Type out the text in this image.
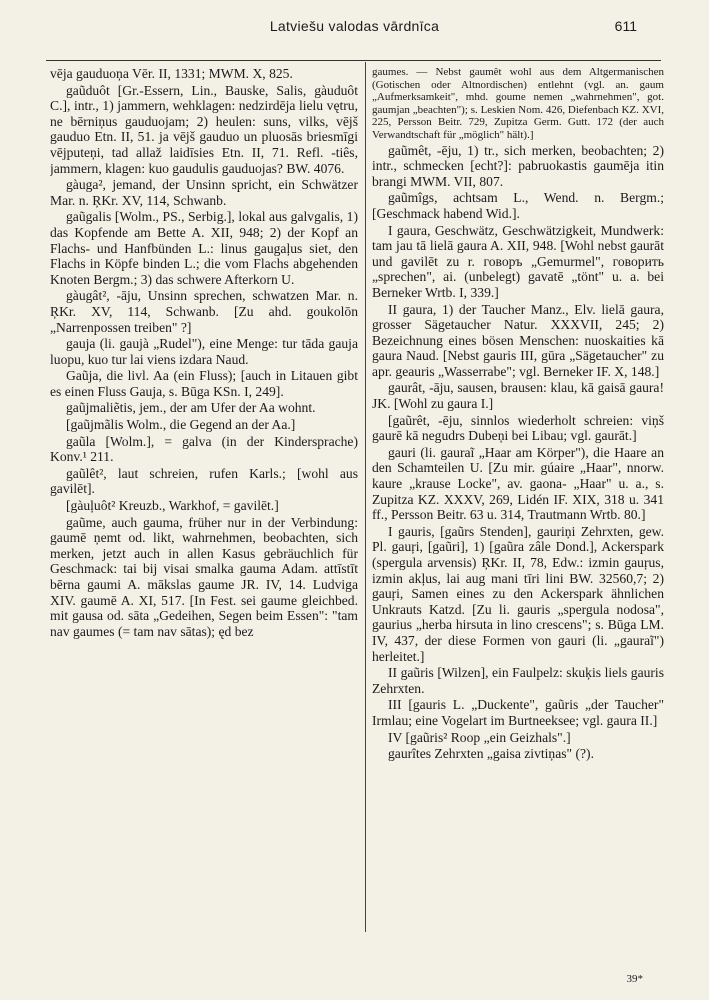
Latviešu valodas vārdnīca	611

vēja gauduoņa Vēr. II, 1331; MWM. X, 825.

gaũduôt [Gr.-Essern, Lin., Bauske, Salis, gàuduôt C.], intr., 1) jammern, wehklagen: nedzirdēja lielu vętru, ne bērniņus gauduojam; 2) heulen: suns, vilks, vējš gauduo Etn. II, 51. ja vējš gauduo un pluosās briesmīgi vējputeņi, tad allaž laidīsies Etn. II, 71. Refl. -tiês, jammern, klagen: kuo gaudulis gauduojas? BW. 4076.

gàuga², jemand, der Unsinn spricht, ein Schwätzer Mar. n. ŖKr. XV, 114, Schwanb.

gaũgalis [Wolm., PS., Serbig.], lokal aus galvgalis, 1) das Kopfende am Bette A. XII, 948; 2) der Kopf an Flachs- und Hanfbünden L.: linus gaugaļus siet, den Flachs in Köpfe binden L.; die vom Flachs abgehenden Knoten Bergm.; 3) das schwere Afterkorn U.

gàugât², -āju, Unsinn sprechen, schwatzen Mar. n. ŖKr. XV, 114, Schwanb. [Zu ahd. goukolōn „Narrenpossen treiben" ?]

gauja (li. gaujà „Rudel"), eine Menge: tur tāda gauja luopu, kuo tur lai viens izdara Naud.

Gaũja, die livl. Aa (ein Fluss); [auch in Litauen gibt es einen Fluss Gauja, s. Būga KSn. I, 249].

gaũjmaliẽtis, jem., der am Ufer der Aa wohnt.

[gaũjmãlis Wolm., die Gegend an der Aa.]

gaũla [Wolm.], = galva (in der Kindersprache) Konv.¹ 211.

gaũlêt², laut schreien, rufen Karls.; [wohl aus gavilēt].

[gàuļuôt² Kreuzb., Warkhof, = gavilēt.]

gaũme, auch gauma, früher nur in der Verbindung: gaumē ņemt od. likt, wahrnehmen, beobachten, sich merken, jetzt auch in allen Kasus gebräuchlich für Geschmack: tai bij visai smalka gauma Adam. attīstīt bērna gaumi A. mākslas gaume JR. IV, 14. Ludviga XIV. gaumē A. XI, 517. [In Fest. sei gaume gleichbed. mit gausa od. sāta „Gedeihen, Segen beim Essen": "tam nav gaumes (= tam nav sātas); ęd bez

gaumes. — Nebst gaumêt wohl aus dem Altgermanischen (Gotischen oder Altnordischen) entlehnt (vgl. an. gaum „Aufmerksamkeit", mhd. goume nemen „wahrnehmen", got. gaumjan „beachten"); s. Leskien Nom. 426, Diefenbach KZ. XVI, 225, Persson Beitr. 729, Zupitza Germ. Gutt. 172 (der auch Verwandtschaft für „möglich" hält).]

gaũmêt, -ēju, 1) tr., sich merken, beobachten; 2) intr., schmecken [echt?]: pabruokastis gaumēja itin brangi MWM. VII, 807.

gaũmîgs, achtsam L., Wend. n. Bergm.; [Geschmack habend Wid.].

I gaura, Geschwätz, Geschwätzigkeit, Mundwerk: tam jau tā lielā gaura A. XII, 948. [Wohl nebst gaurāt und gavilēt zu r. говоръ „Gemurmel", говорить „sprechen", ai. (unbelegt) gavatē „tönt" u. a. bei Berneker Wrtb. I, 339.]

II gaura, 1) der Taucher Manz., Elv. lielā gaura, grosser Sägetaucher Natur. XXXVII, 245; 2) Bezeichnung eines bösen Menschen: nuoskaities kā gaura Naud. [Nebst gauris III, gūra „Sägetaucher" zu apr. geauris „Wasserrabe"; vgl. Berneker IF. X, 148.]

gaurât, -āju, sausen, brausen: klau, kā gaisā gaura! JK. [Wohl zu gaura I.]

[gaũrêt, -ēju, sinnlos wiederholt schreien: viņš gaurē kā negudrs Dubeņi bei Libau; vgl. gaurāt.]

gauri (li. gauraĩ „Haar am Körper"), die Haare an den Schamteilen U. [Zu mir. gúaire „Haar", nnorw. kaure „krause Locke", av. gaona- „Haar" u. a., s. Zupitza KZ. XXXV, 269, Lidén IF. XIX, 318 u. 341 ff., Persson Beitr. 63 u. 314, Trautmann Wrtb. 80.]

I gauris, [gaũrs Stenden], gauriņi Zehrxten, gew. Pl. gauŗi, [gaũri], 1) [gaũra zâle Dond.], Ackerspark (spergula arvensis) ŖKr. II, 78, Edw.: izmin gauŗus, izmin akļus, lai aug mani tīri lini BW. 32560,7; 2) gauŗi, Samen eines zu den Ackerspark ähnlichen Unkrauts Katzd. [Zu li. gauris „spergula nodosa", gaurius „herba hirsuta in lino crescens"; s. Būga LM. IV, 437, der diese Formen von gauri (li. „gauraĩ") herleitet.]

II gaũris [Wilzen], ein Faulpelz: skuķis liels gauris Zehrxten.

III [gauris L. „Duckente", gaũris „der Taucher" Irmlau; eine Vogelart im Burtneeksee; vgl. gaura II.]

IV [gaũris² Roop „ein Geizhals".]

gaurîtes Zehrxten „gaisa zivtiņas" (?).

39*
